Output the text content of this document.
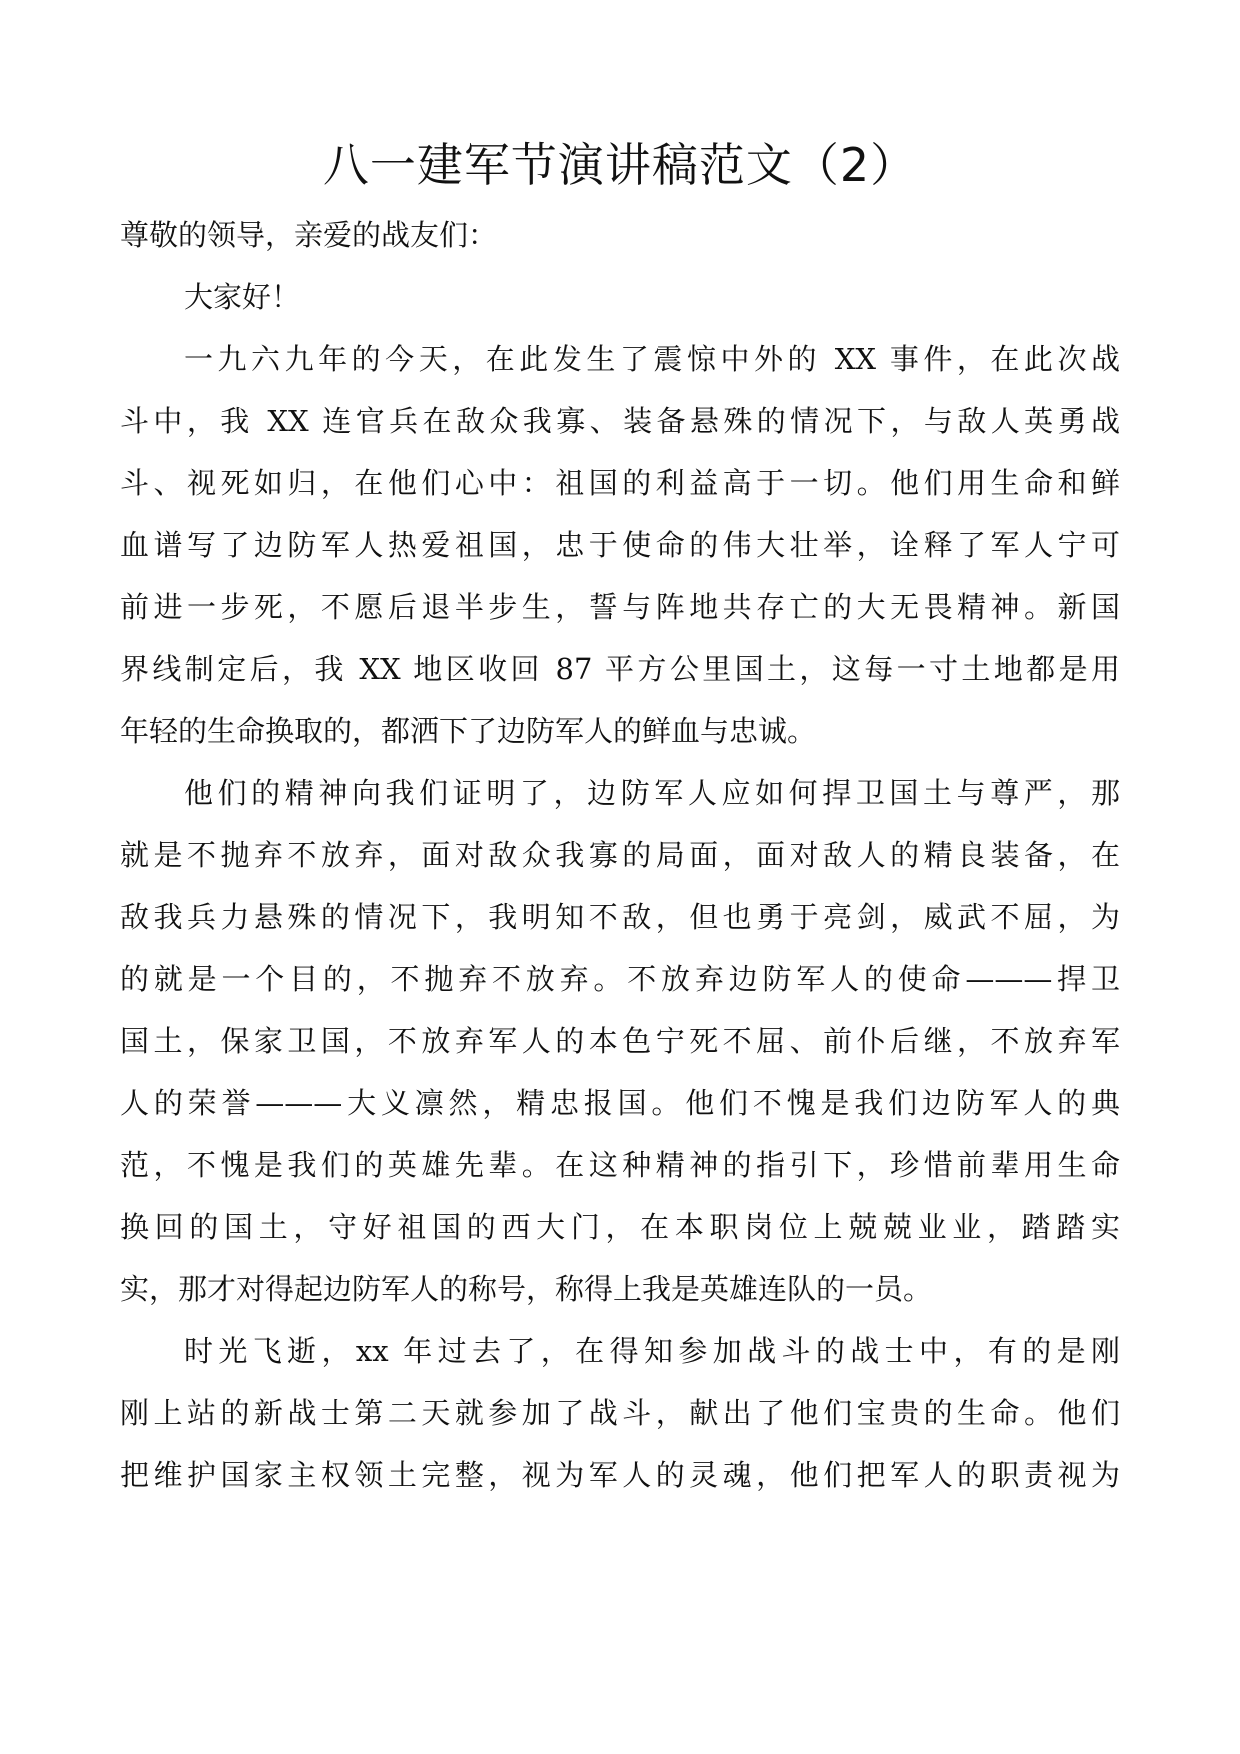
八一建军节演讲稿范文（2）
尊敬的领导，亲爱的战友们：
大家好！

一九六九年的今天，在此发生了震惊中外的 XX 事件，在此次战
斗中，我 XX 连官兵在敌众我寡、装备悬殊的情况下，与敌人英勇战
斗、视死如归，在他们心中：祖国的利益高于一切。他们用生命和鲜
血谱写了边防军人热爱祖国，忠于使命的伟大壮举，诠释了军人宁可
前进一步死，不愿后退半步生，誓与阵地共存亡的大无畏精神。新国
界线制定后，我 XX 地区收回 87 平方公里国土，这每一寸土地都是用
年轻的生命换取的，都洒下了边防军人的鲜血与忠诚。

他们的精神向我们证明了，边防军人应如何捍卫国土与尊严，那
就是不抛弃不放弃，面对敌众我寡的局面，面对敌人的精良装备，在
敌我兵力悬殊的情况下，我明知不敌，但也勇于亮剑，威武不屈，为
的就是一个目的，不抛弃不放弃。不放弃边防军人的使命———捍卫
国土，保家卫国，不放弃军人的本色宁死不屈、前仆后继，不放弃军
人的荣誉———大义凛然，精忠报国。他们不愧是我们边防军人的典
范，不愧是我们的英雄先辈。在这种精神的指引下，珍惜前辈用生命
换回的国土，守好祖国的西大门，在本职岗位上兢兢业业，踏踏实
实，那才对得起边防军人的称号，称得上我是英雄连队的一员。

时光飞逝，xx 年过去了，在得知参加战斗的战士中，有的是刚
刚上站的新战士第二天就参加了战斗，献出了他们宝贵的生命。他们
把维护国家主权领土完整，视为军人的灵魂，他们把军人的职责视为
